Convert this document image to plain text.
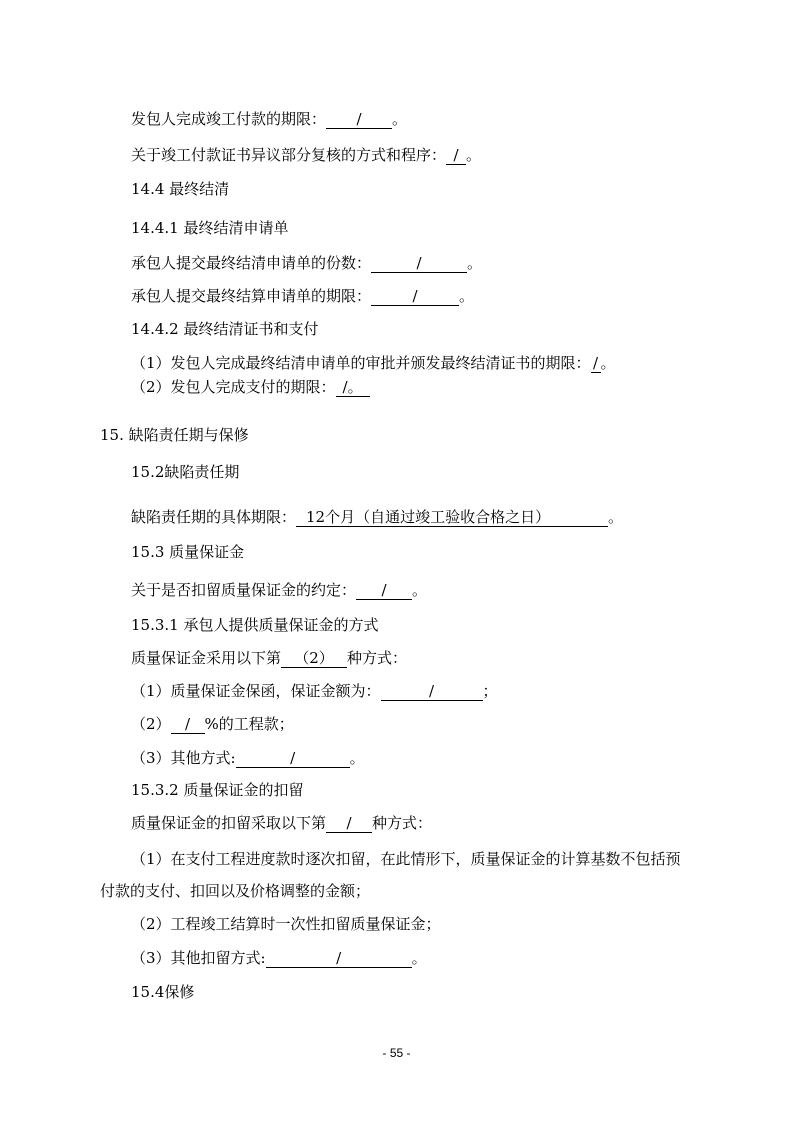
发包人完成竣工付款的期限： / 。
关于竣工付款证书异议部分复核的方式和程序： / 。
14.4 最终结清
14.4.1 最终结清申请单
承包人提交最终结清申请单的份数：	/	。
承包人提交最终结算申请单的期限：	/	。
14.4.2 最终结清证书和支付
（1）发包人完成最终结清申请单的审批并颁发最终结清证书的期限： / 。
（2）发包人完成支付的期限： /。
15. 缺陷责任期与保修
15.2缺陷责任期
缺陷责任期的具体期限： 12个月（自通过竣工验收合格之日）	。
15.3 质量保证金
关于是否扣留质量保证金的约定： / 。
15.3.1 承包人提供质量保证金的方式
质量保证金采用以下第 （2） 种方式：
（1）质量保证金保函，保证金额为：	/	；
（2） / %的工程款；
（3）其他方式:	/	。
15.3.2 质量保证金的扣留
质量保证金的扣留采取以下第 / 种方式：
（1）在支付工程进度款时逐次扣留，在此情形下，质量保证金的计算基数不包括预
付款的支付、扣回以及价格调整的金额；
（2）工程竣工结算时一次性扣留质量保证金；
（3）其他扣留方式:	/	。
15.4保修
- 55 -
